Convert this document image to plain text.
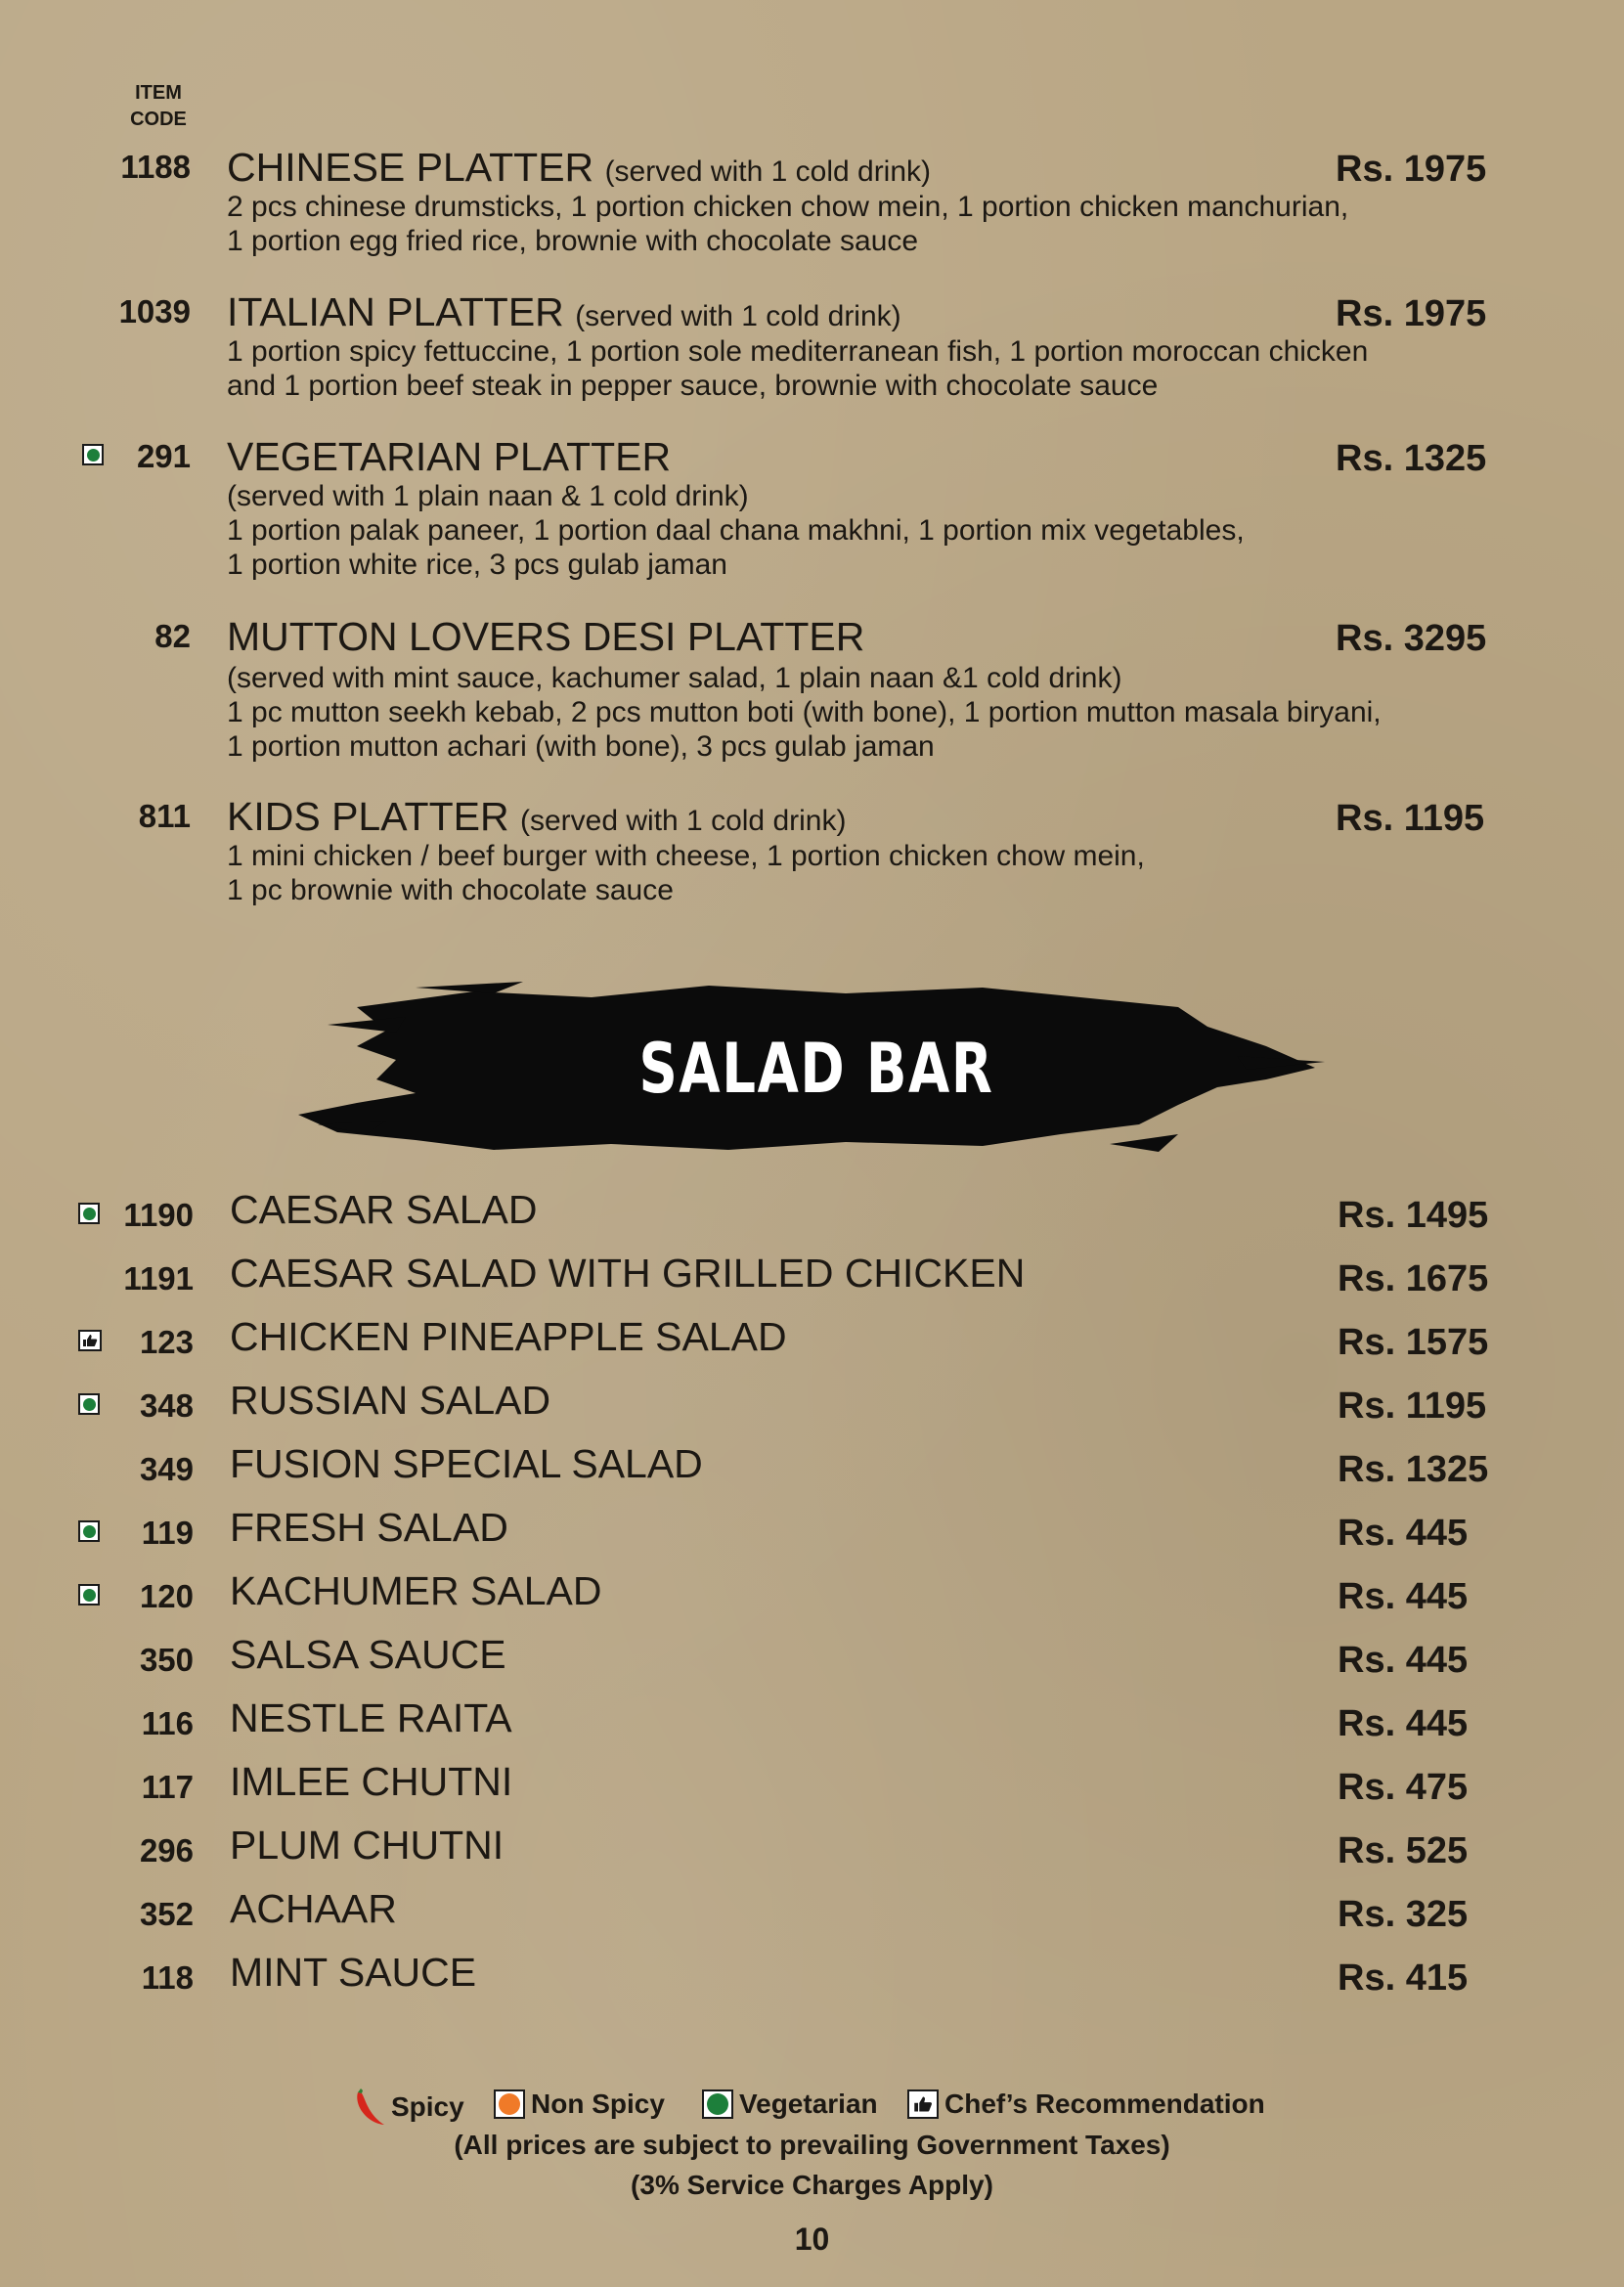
ITEM
CODE
1188 CHINESE PLATTER (served with 1 cold drink)	Rs. 1975
2 pcs chinese drumsticks, 1 portion chicken chow mein, 1 portion chicken manchurian,
1 portion egg fried rice, brownie with chocolate sauce
1039 ITALIAN PLATTER (served with 1 cold drink)	Rs. 1975
1 portion spicy fettuccine, 1 portion sole mediterranean fish, 1 portion moroccan chicken
and 1 portion beef steak in pepper sauce, brownie with chocolate sauce
291 VEGETARIAN PLATTER	Rs. 1325
(served with 1 plain naan & 1 cold drink)
1 portion palak paneer, 1 portion daal chana makhni, 1 portion mix vegetables,
1 portion white rice, 3 pcs gulab jaman
82 MUTTON LOVERS DESI PLATTER	Rs. 3295
(served with mint sauce, kachumer salad, 1 plain naan &1 cold drink)
1 pc mutton seekh kebab, 2 pcs mutton boti (with bone), 1 portion mutton masala biryani,
1 portion mutton achari (with bone), 3 pcs gulab jaman
811 KIDS PLATTER (served with 1 cold drink)	Rs. 1195
1 mini chicken / beef burger with cheese, 1 portion chicken chow mein,
1 pc brownie with chocolate sauce
SALAD BAR
1190 CAESAR SALAD	Rs. 1495
1191 CAESAR SALAD WITH GRILLED CHICKEN	Rs. 1675
123 CHICKEN PINEAPPLE SALAD	Rs. 1575
348 RUSSIAN SALAD	Rs. 1195
349 FUSION SPECIAL SALAD	Rs. 1325
119 FRESH SALAD	Rs. 445
120 KACHUMER SALAD	Rs. 445
350 SALSA SAUCE	Rs. 445
116 NESTLE RAITA	Rs. 445
117 IMLEE CHUTNI	Rs. 475
296 PLUM CHUTNI	Rs. 525
352 ACHAAR	Rs. 325
118 MINT SAUCE	Rs. 415
Spicy Non Spicy	Vegetarian Chef’s Recommendation
(All prices are subject to prevailing Government Taxes)
(3% Service Charges Apply)
10
